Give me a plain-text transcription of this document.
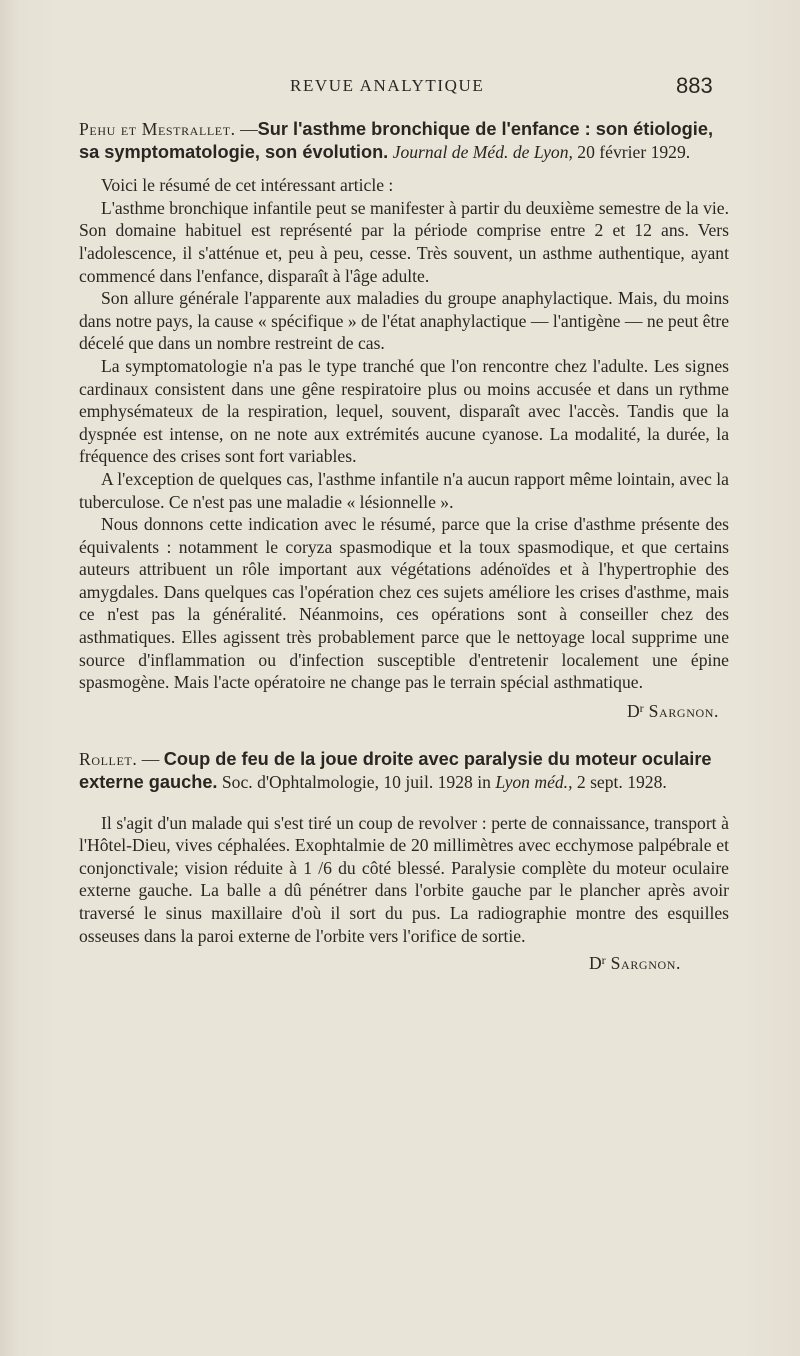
REVUE ANALYTIQUE	883

Pehu et Mestrallet. —Sur l'asthme bronchique de l'enfance : son étiologie, sa symptomatologie, son évolution. Journal de Méd. de Lyon, 20 février 1929.

Voici le résumé de cet intéressant article :

L'asthme bronchique infantile peut se manifester à partir du deuxième semestre de la vie. Son domaine habituel est représenté par la période comprise entre 2 et 12 ans. Vers l'adolescence, il s'atténue et, peu à peu, cesse. Très souvent, un asthme authentique, ayant commencé dans l'enfance, disparaît à l'âge adulte.

Son allure générale l'apparente aux maladies du groupe anaphylactique. Mais, du moins dans notre pays, la cause « spécifique » de l'état anaphylactique — l'antigène — ne peut être décelé que dans un nombre restreint de cas.

La symptomatologie n'a pas le type tranché que l'on rencontre chez l'adulte. Les signes cardinaux consistent dans une gêne respiratoire plus ou moins accusée et dans un rythme emphysémateux de la respiration, lequel, souvent, disparaît avec l'accès. Tandis que la dyspnée est intense, on ne note aux extrémités aucune cyanose. La modalité, la durée, la fréquence des crises sont fort variables.

A l'exception de quelques cas, l'asthme infantile n'a aucun rapport même lointain, avec la tuberculose. Ce n'est pas une maladie « lésionnelle ».

Nous donnons cette indication avec le résumé, parce que la crise d'asthme présente des équivalents : notamment le coryza spasmodique et la toux spasmodique, et que certains auteurs attribuent un rôle important aux végétations adénoïdes et à l'hypertrophie des amygdales. Dans quelques cas l'opération chez ces sujets améliore les crises d'asthme, mais ce n'est pas la généralité. Néanmoins, ces opérations sont à conseiller chez des asthmatiques. Elles agissent très probablement parce que le nettoyage local supprime une source d'inflammation ou d'infection susceptible d'entretenir localement une épine spasmogène. Mais l'acte opératoire ne change pas le terrain spécial asthmatique.

$D^r$ Sargnon.

Rollet. — Coup de feu de la joue droite avec paralysie du moteur oculaire externe gauche. Soc. d'Ophtalmologie, 10 juil. 1928 in Lyon méd., 2 sept. 1928.

Il s'agit d'un malade qui s'est tiré un coup de revolver : perte de connaissance, transport à l'Hôtel-Dieu, vives céphalées. Exophtalmie de 20 millimètres avec ecchymose palpébrale et conjonctivale; vision réduite à 1 /6 du côté blessé. Paralysie complète du moteur oculaire externe gauche. La balle a dû pénétrer dans l'orbite gauche par le plancher après avoir traversé le sinus maxillaire d'où il sort du pus. La radiographie montre des esquilles osseuses dans la paroi externe de l'orbite vers l'orifice de sortie.

$D^r$ Sargnon.
